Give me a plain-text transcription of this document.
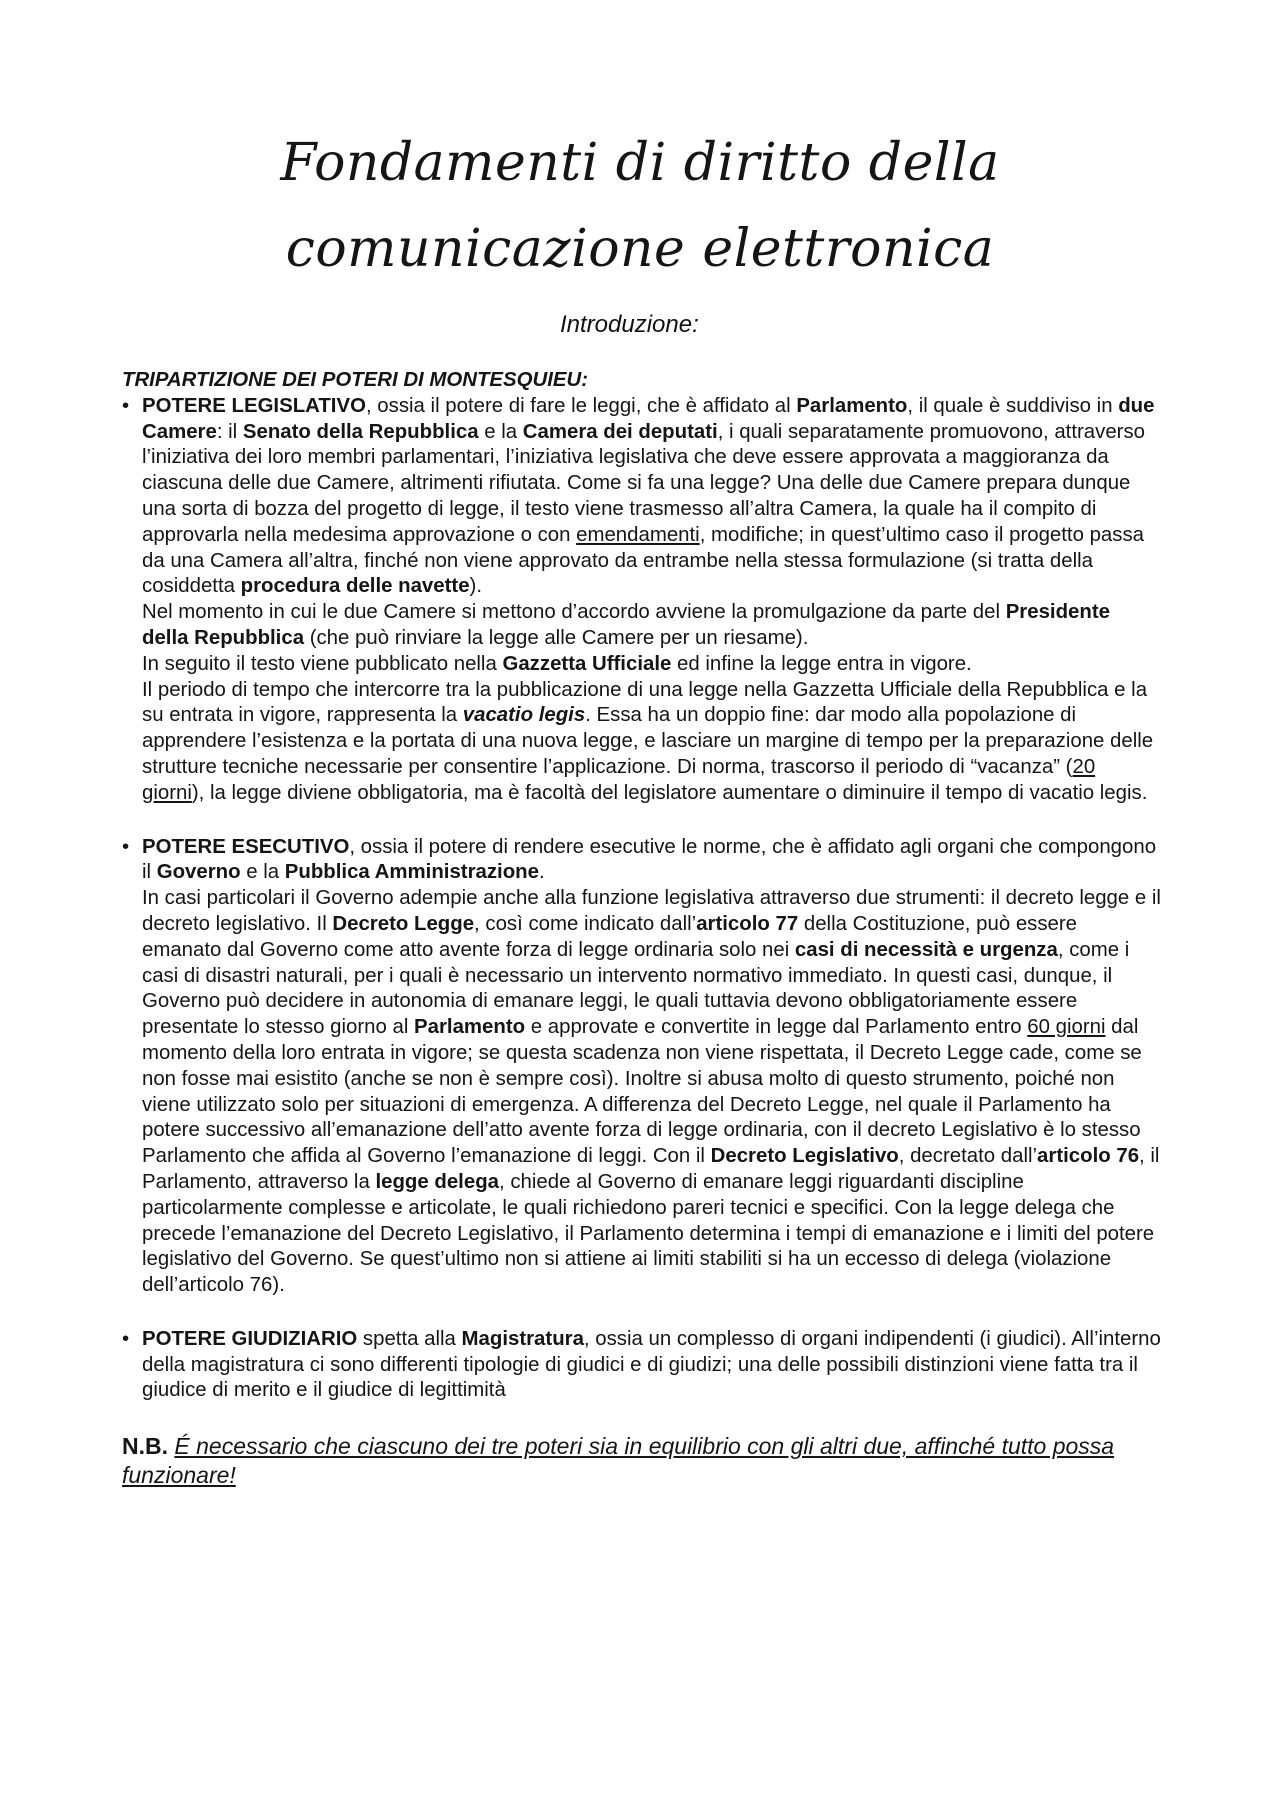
Fondamenti di diritto della
comunicazione elettronica
Introduzione:

TRIPARTIZIONE DEI POTERI DI MONTESQUIEU:

• POTERE LEGISLATIVO, ossia il potere di fare le leggi, che è affidato al Parlamento, il quale è suddiviso in due Camere: il Senato della Repubblica e la Camera dei deputati, i quali separatamente promuovono, attraverso l’iniziativa dei loro membri parlamentari, l’iniziativa legislativa che deve essere approvata a maggioranza da ciascuna delle due Camere, altrimenti rifiutata. Come si fa una legge? Una delle due Camere prepara dunque una sorta di bozza del progetto di legge, il testo viene trasmesso all’altra Camera, la quale ha il compito di approvarla nella medesima approvazione o con emendamenti, modifiche; in quest’ultimo caso il progetto passa da una Camera all’altra, finché non viene approvato da entrambe nella stessa formulazione (si tratta della cosiddetta procedura delle navette).

Nel momento in cui le due Camere si mettono d’accordo avviene la promulgazione da parte del Presidente della Repubblica (che può rinviare la legge alle Camere per un riesame).

In seguito il testo viene pubblicato nella Gazzetta Ufficiale ed infine la legge entra in vigore.

Il periodo di tempo che intercorre tra la pubblicazione di una legge nella Gazzetta Ufficiale della Repubblica e la su entrata in vigore, rappresenta la vacatio legis. Essa ha un doppio fine: dar modo alla popolazione di apprendere l’esistenza e la portata di una nuova legge, e lasciare un margine di tempo per la preparazione delle strutture tecniche necessarie per consentire l’applicazione. Di norma, trascorso il periodo di “vacanza” (20 giorni), la legge diviene obbligatoria, ma è facoltà del legislatore aumentare o diminuire il tempo di vacatio legis.

• POTERE ESECUTIVO, ossia il potere di rendere esecutive le norme, che è affidato agli organi che compongono il Governo e la Pubblica Amministrazione.

In casi particolari il Governo adempie anche alla funzione legislativa attraverso due strumenti: il decreto legge e il decreto legislativo. Il Decreto Legge, così come indicato dall’articolo 77 della Costituzione, può essere emanato dal Governo come atto avente forza di legge ordinaria solo nei casi di necessità e urgenza, come i casi di disastri naturali, per i quali è necessario un intervento normativo immediato. In questi casi, dunque, il Governo può decidere in autonomia di emanare leggi, le quali tuttavia devono obbligatoriamente essere presentate lo stesso giorno al Parlamento e approvate e convertite in legge dal Parlamento entro 60 giorni dal momento della loro entrata in vigore; se questa scadenza non viene rispettata, il Decreto Legge cade, come se non fosse mai esistito (anche se non è sempre così). Inoltre si abusa molto di questo strumento, poiché non viene utilizzato solo per situazioni di emergenza. A differenza del Decreto Legge, nel quale il Parlamento ha potere successivo all’emanazione dell’atto avente forza di legge ordinaria, con il decreto Legislativo è lo stesso Parlamento che affida al Governo l’emanazione di leggi. Con il Decreto Legislativo, decretato dall’articolo 76, il Parlamento, attraverso la legge delega, chiede al Governo di emanare leggi riguardanti discipline particolarmente complesse e articolate, le quali richiedono pareri tecnici e specifici. Con la legge delega che precede l’emanazione del Decreto Legislativo, il Parlamento determina i tempi di emanazione e i limiti del potere legislativo del Governo. Se quest’ultimo non si attiene ai limiti stabiliti si ha un eccesso di delega (violazione dell’articolo 76).

• POTERE GIUDIZIARIO spetta alla Magistratura, ossia un complesso di organi indipendenti (i giudici). All’interno della magistratura ci sono differenti tipologie di giudici e di giudizi; una delle possibili distinzioni viene fatta tra il giudice di merito e il giudice di legittimità

N.B. É necessario che ciascuno dei tre poteri sia in equilibrio con gli altri due, affinché tutto possa funzionare!
